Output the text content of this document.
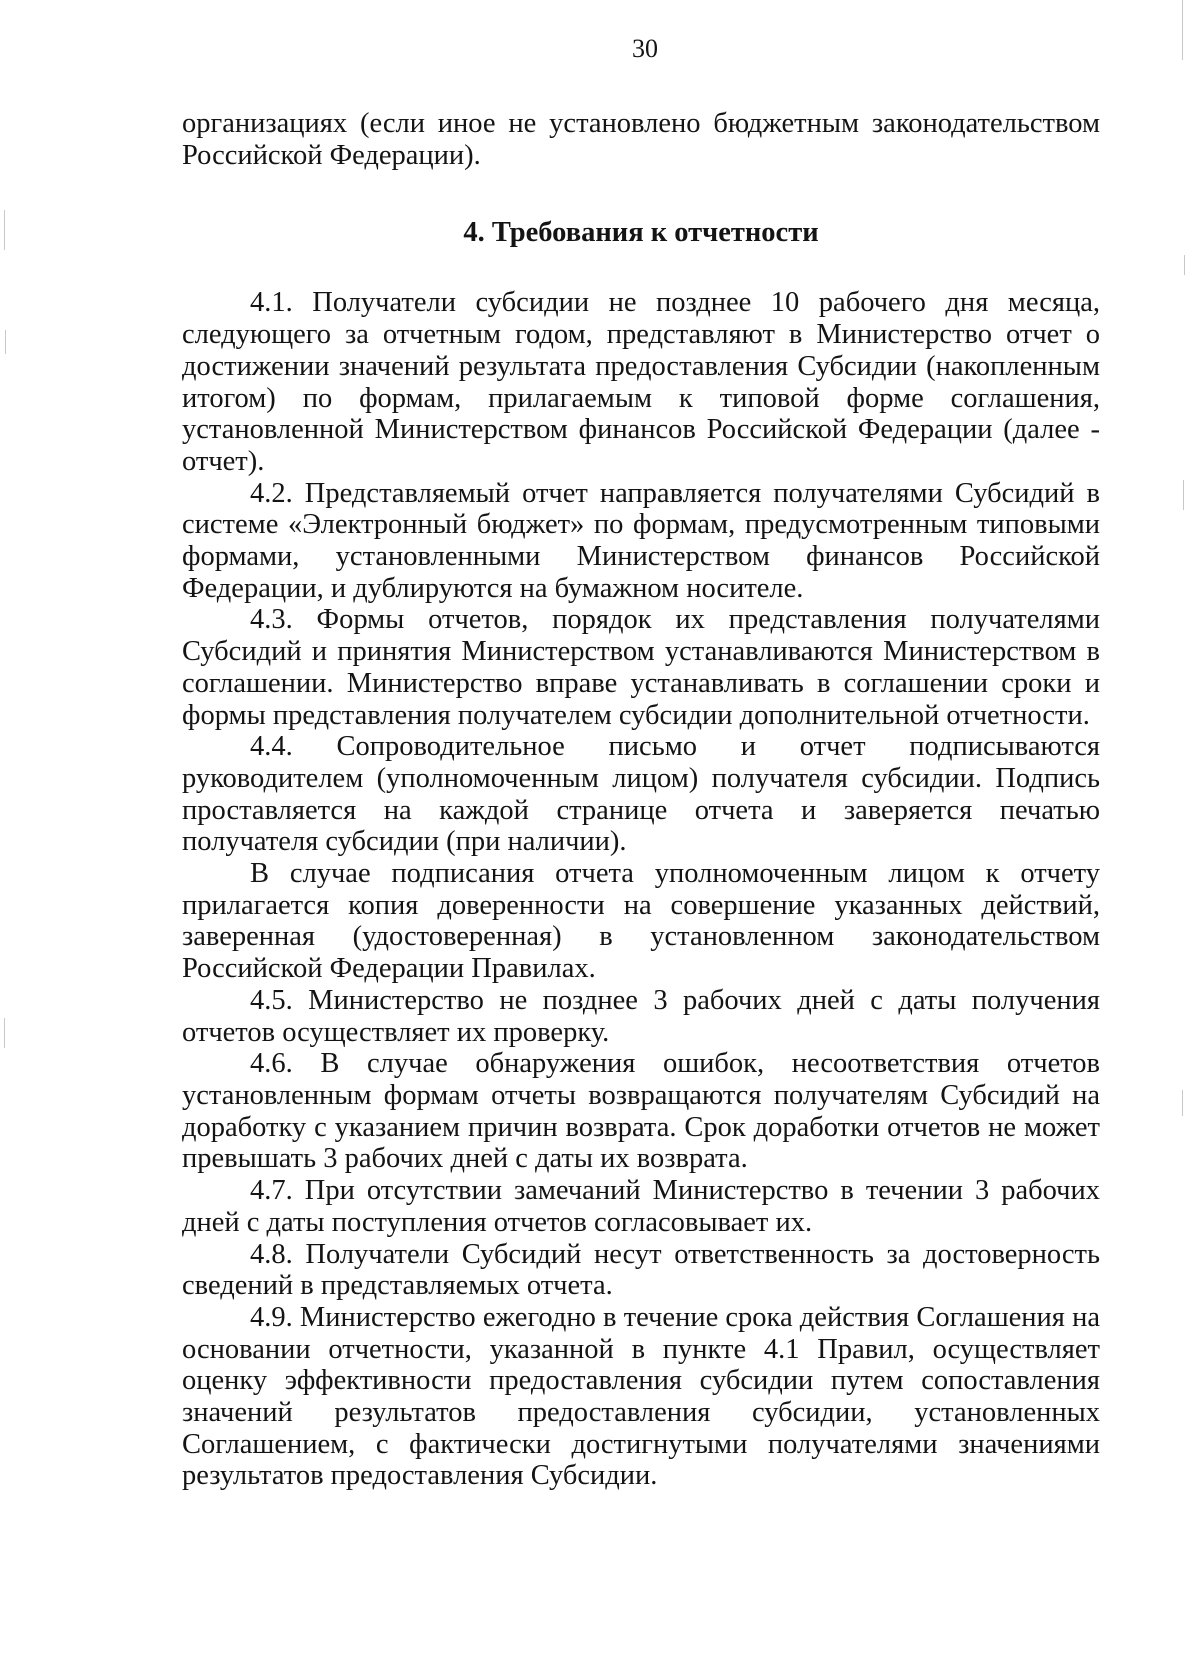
30

организациях (если иное не установлено бюджетным законодательством Российской Федерации).

4. Требования к отчетности

4.1. Получатели субсидии не позднее 10 рабочего дня месяца, следующего за отчетным годом, представляют в Министерство отчет о достижении значений результата предоставления Субсидии (накопленным итогом) по формам, прилагаемым к типовой форме соглашения, установленной Министерством финансов Российской Федерации (далее - отчет).

4.2. Представляемый отчет направляется получателями Субсидий в системе «Электронный бюджет» по формам, предусмотренным типовыми формами, установленными Министерством финансов Российской Федерации, и дублируются на бумажном носителе.

4.3. Формы отчетов, порядок их представления получателями Субсидий и принятия Министерством устанавливаются Министерством в соглашении. Министерство вправе устанавливать в соглашении сроки и формы представления получателем субсидии дополнительной отчетности.

4.4. Сопроводительное письмо и отчет подписываются руководителем (уполномоченным лицом) получателя субсидии. Подпись проставляется на каждой странице отчета и заверяется печатью получателя субсидии (при наличии).

В случае подписания отчета уполномоченным лицом к отчету прилагается копия доверенности на совершение указанных действий, заверенная (удостоверенная) в установленном законодательством Российской Федерации Правилах.

4.5. Министерство не позднее 3 рабочих дней с даты получения отчетов осуществляет их проверку.

4.6. В случае обнаружения ошибок, несоответствия отчетов установленным формам отчеты возвращаются получателям Субсидий на доработку с указанием причин возврата. Срок доработки отчетов не может превышать 3 рабочих дней с даты их возврата.

4.7. При отсутствии замечаний Министерство в течении 3 рабочих дней с даты поступления отчетов согласовывает их.

4.8. Получатели Субсидий несут ответственность за достоверность сведений в представляемых отчета.

4.9. Министерство ежегодно в течение срока действия Соглашения на основании отчетности, указанной в пункте 4.1 Правил, осуществляет оценку эффективности предоставления субсидии путем сопоставления значений результатов предоставления субсидии, установленных Соглашением, с фактически достигнутыми получателями значениями результатов предоставления Субсидии.
